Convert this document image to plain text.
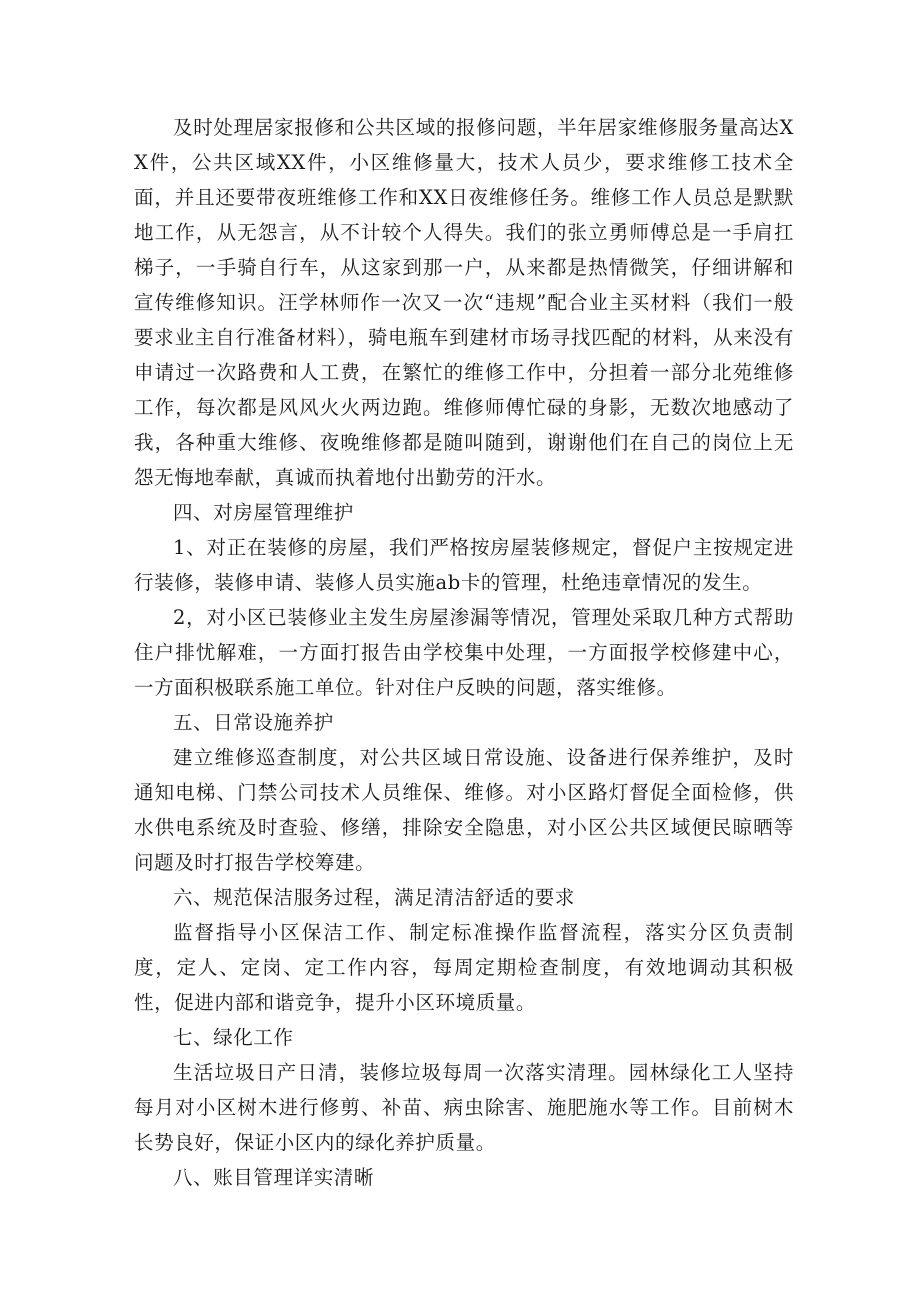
及时处理居家报修和公共区域的报修问题，半年居家维修服务量高达XX件，公共区域XX件，小区维修量大，技术人员少，要求维修工技术全面，并且还要带夜班维修工作和XX日夜维修任务。维修工作人员总是默默地工作，从无怨言，从不计较个人得失。我们的张立勇师傅总是一手肩扛梯子，一手骑自行车，从这家到那一户，从来都是热情微笑，仔细讲解和宣传维修知识。汪学林师作一次又一次“违规”配合业主买材料（我们一般要求业主自行准备材料），骑电瓶车到建材市场寻找匹配的材料，从来没有申请过一次路费和人工费，在繁忙的维修工作中，分担着一部分北苑维修工作，每次都是风风火火两边跑。维修师傅忙碌的身影，无数次地感动了我，各种重大维修、夜晚维修都是随叫随到，谢谢他们在自己的岗位上无怨无悔地奉献，真诚而执着地付出勤劳的汗水。

四、对房屋管理维护

1、对正在装修的房屋，我们严格按房屋装修规定，督促户主按规定进行装修，装修申请、装修人员实施ab卡的管理，杜绝违章情况的发生。

2，对小区已装修业主发生房屋渗漏等情况，管理处采取几种方式帮助住户排忧解难，一方面打报告由学校集中处理，一方面报学校修建中心，一方面积极联系施工单位。针对住户反映的问题，落实维修。

五、日常设施养护

建立维修巡查制度，对公共区域日常设施、设备进行保养维护，及时通知电梯、门禁公司技术人员维保、维修。对小区路灯督促全面检修，供水供电系统及时查验、修缮，排除安全隐患，对小区公共区域便民晾晒等问题及时打报告学校筹建。

六、规范保洁服务过程，满足清洁舒适的要求

监督指导小区保洁工作、制定标准操作监督流程，落实分区负责制度，定人、定岗、定工作内容，每周定期检查制度，有效地调动其积极性，促进内部和谐竞争，提升小区环境质量。

七、绿化工作

生活垃圾日产日清，装修垃圾每周一次落实清理。园林绿化工人坚持每月对小区树木进行修剪、补苗、病虫除害、施肥施水等工作。目前树木长势良好，保证小区内的绿化养护质量。

八、账目管理详实清晰
